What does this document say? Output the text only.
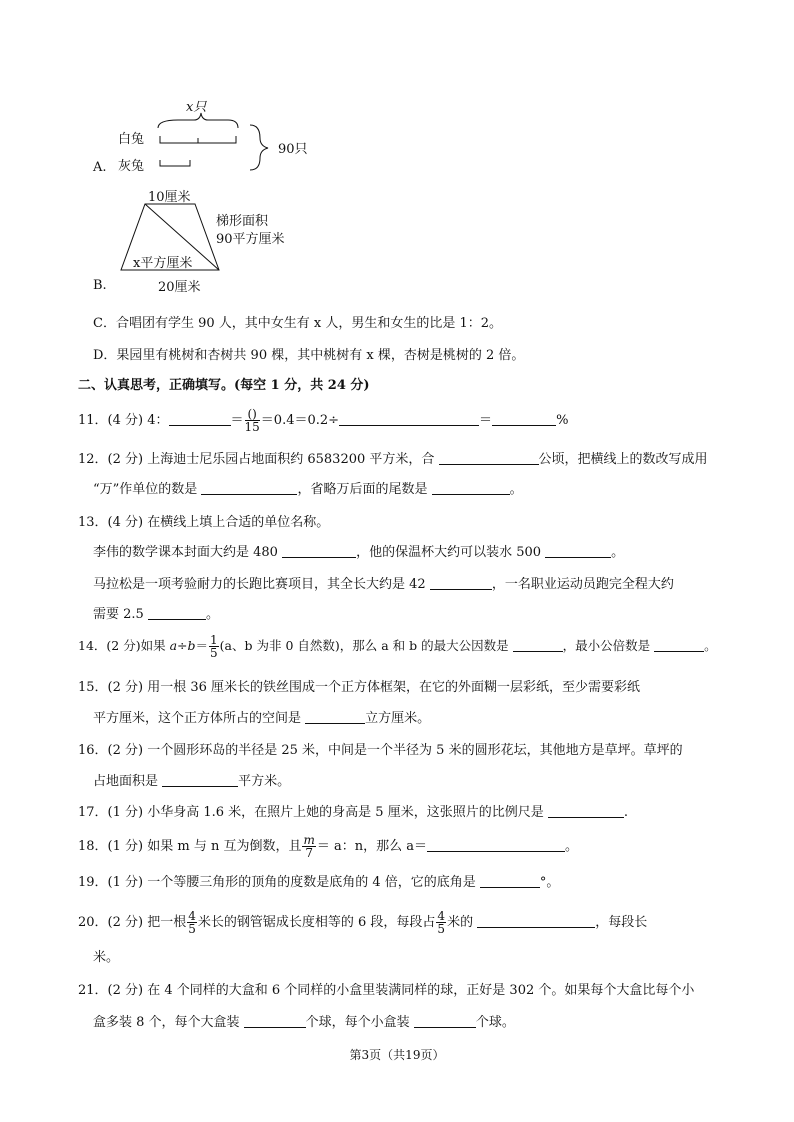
A.
白兔
灰兔
x只
90只
B.
10厘米
梯形面积
90平方厘米
x平方厘米
20厘米
C．合唱团有学生 90 人，其中女生有 x 人，男生和女生的比是 1：2。
D．果园里有桃树和杏树共 90 棵，其中桃树有 x 棵，杏树是桃树的 2 倍。
二、认真思考，正确填写。(每空 1 分，共 24 分)
11．(4 分) 4：	＝ $\frac{()}{15} =0.4=0.2\div$	＝	%
12．(2 分) 上海迪士尼乐园占地面积约 6583200 平方米，合	公顷，把横线上的数改写成用
“万”作单位的数是	，省略万后面的尾数是	。
13．(4 分) 在横线上填上合适的单位名称。
李伟的数学课本封面大约是 480	，他的保温杯大约可以装水 500	。
马拉松是一项考验耐力的长跑比赛项目，其全长大约是 42	，一名职业运动员跑完全程大约
需要 2.5	。
14．(2 分)如果 $a\div b= \frac{1}{5} (a$、b 为非 0 自然数)，那么 a 和 b 的最大公因数是	，最小公倍数是	。
15．(2 分) 用一根 36 厘米长的铁丝围成一个正方体框架，在它的外面糊一层彩纸，至少需要彩纸
平方厘米，这个正方体所占的空间是	立方厘米。
16．(2 分) 一个圆形环岛的半径是 25 米，中间是一个半径为 5 米的圆形花坛，其他地方是草坪。草坪的
占地面积是	平方米。
17．(1 分) 小华身高 1.6 米，在照片上她的身高是 5 厘米，这张照片的比例尺是	.
18．(1 分) 如果 m 与 n 互为倒数，且 $\frac{m}{7} = a$：n，那么 a＝	。
19．(1 分) 一个等腰三角形的顶角的度数是底角的 4 倍，它的底角是	°。
20．(2 分) 把一根 $\frac{4}{5}$ 米长的钢管锯成长度相等的 6 段，每段占 $\frac{4}{5}$ 米的	，每段长
米。
21．(2 分) 在 4 个同样的大盒和 6 个同样的小盒里装满同样的球，正好是 302 个。如果每个大盒比每个小
盒多装 8 个，每个大盒装	个球，每个小盒装	个球。
第3页（共19页）
